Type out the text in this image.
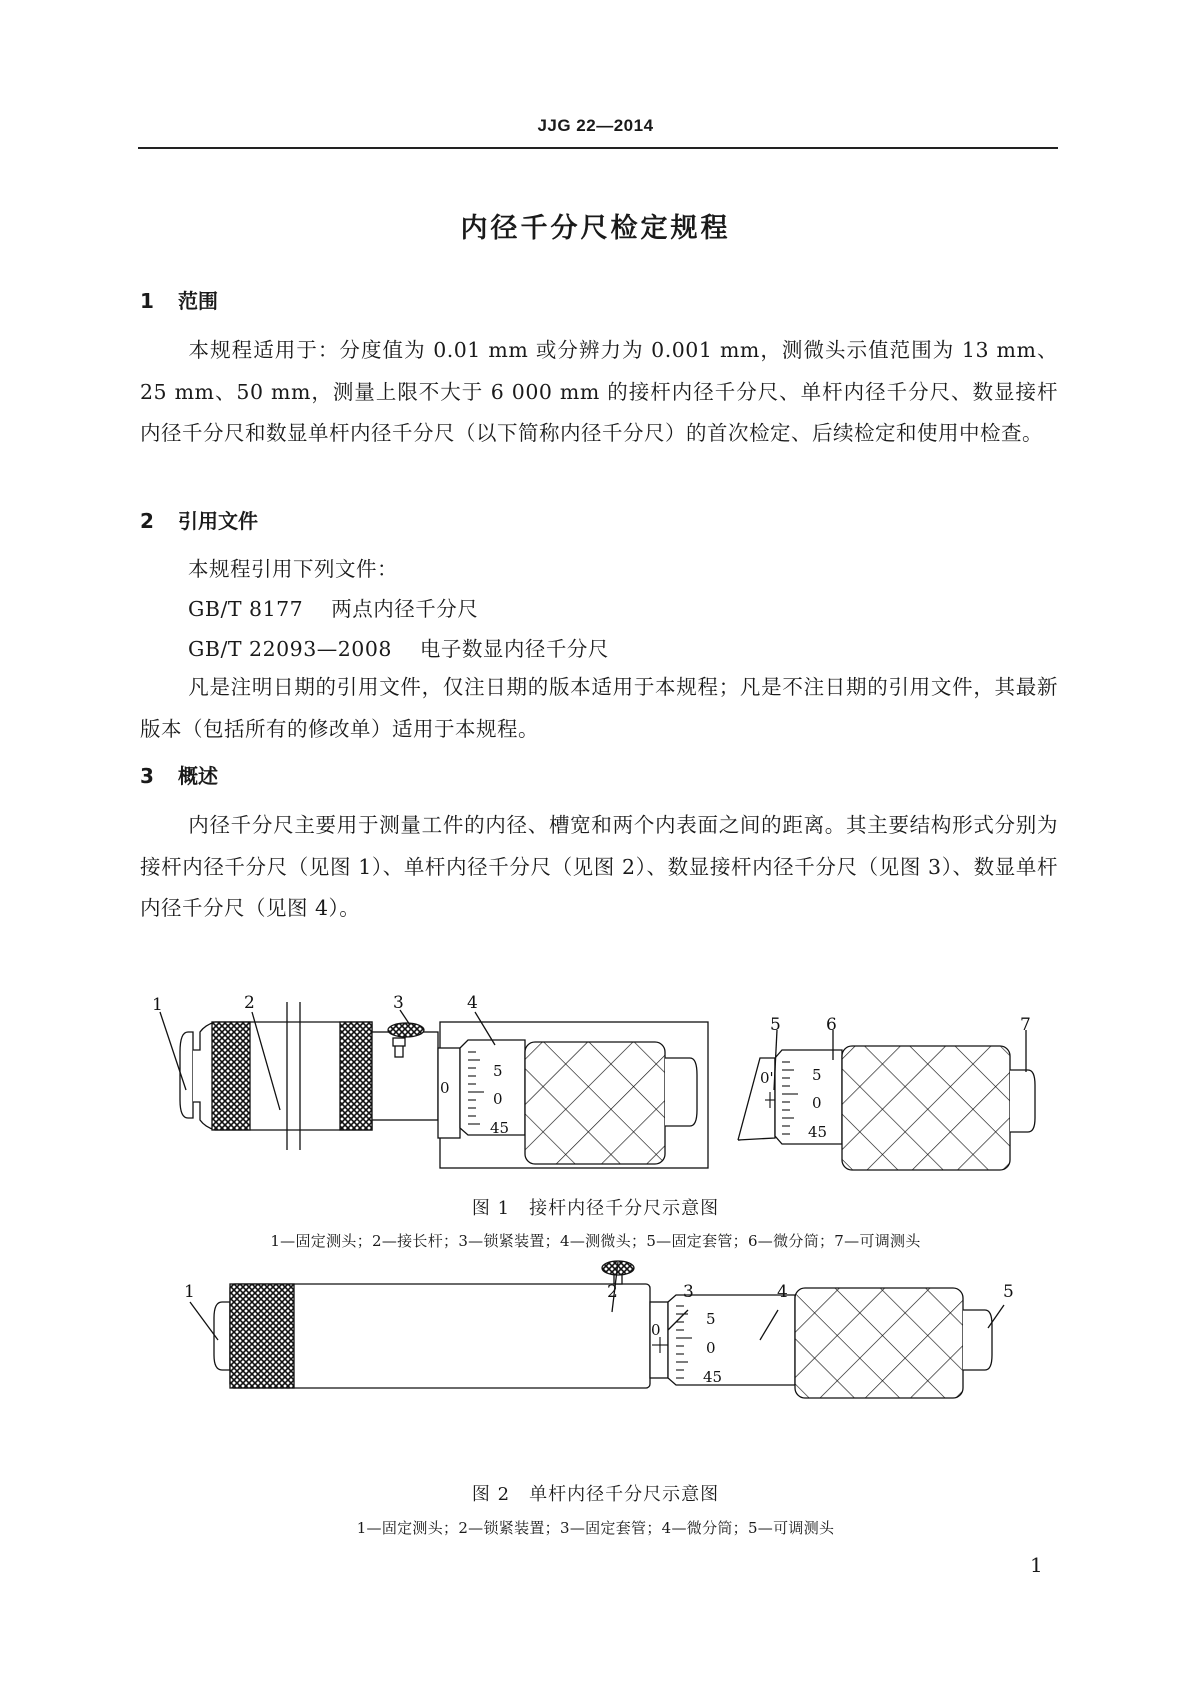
JJG 22—2014
内径千分尺检定规程
1 范围
本规程适用于：分度值为 0.01 mm 或分辨力为 0.001 mm，测微头示值范围为 13 mm、25 mm、50 mm，测量上限不大于 6 000 mm 的接杆内径千分尺、单杆内径千分尺、数显接杆内径千分尺和数显单杆内径千分尺（以下简称内径千分尺）的首次检定、后续检定和使用中检查。
2 引用文件
本规程引用下列文件：
GB/T 8177 两点内径千分尺
GB/T 22093—2008 电子数显内径千分尺
凡是注明日期的引用文件，仅注日期的版本适用于本规程；凡是不注日期的引用文件，其最新版本（包括所有的修改单）适用于本规程。
3 概述
内径千分尺主要用于测量工件的内径、槽宽和两个内表面之间的距离。其主要结构形式分别为接杆内径千分尺（见图 1）、单杆内径千分尺（见图 2）、数显接杆内径千分尺（见图 3）、数显单杆内径千分尺（见图 4）。
1	2	3	4
5	6	7
0
5
0
45
0'	5
0
45
1	2	3	4	5
0
5
0
45
图 1　接杆内径千分尺示意图
1—固定测头；2—接长杆；3—锁紧装置；4—测微头；5—固定套管；6—微分筒；7—可调测头
图 2　单杆内径千分尺示意图
1—固定测头；2—锁紧装置；3—固定套管；4—微分筒；5—可调测头
1
